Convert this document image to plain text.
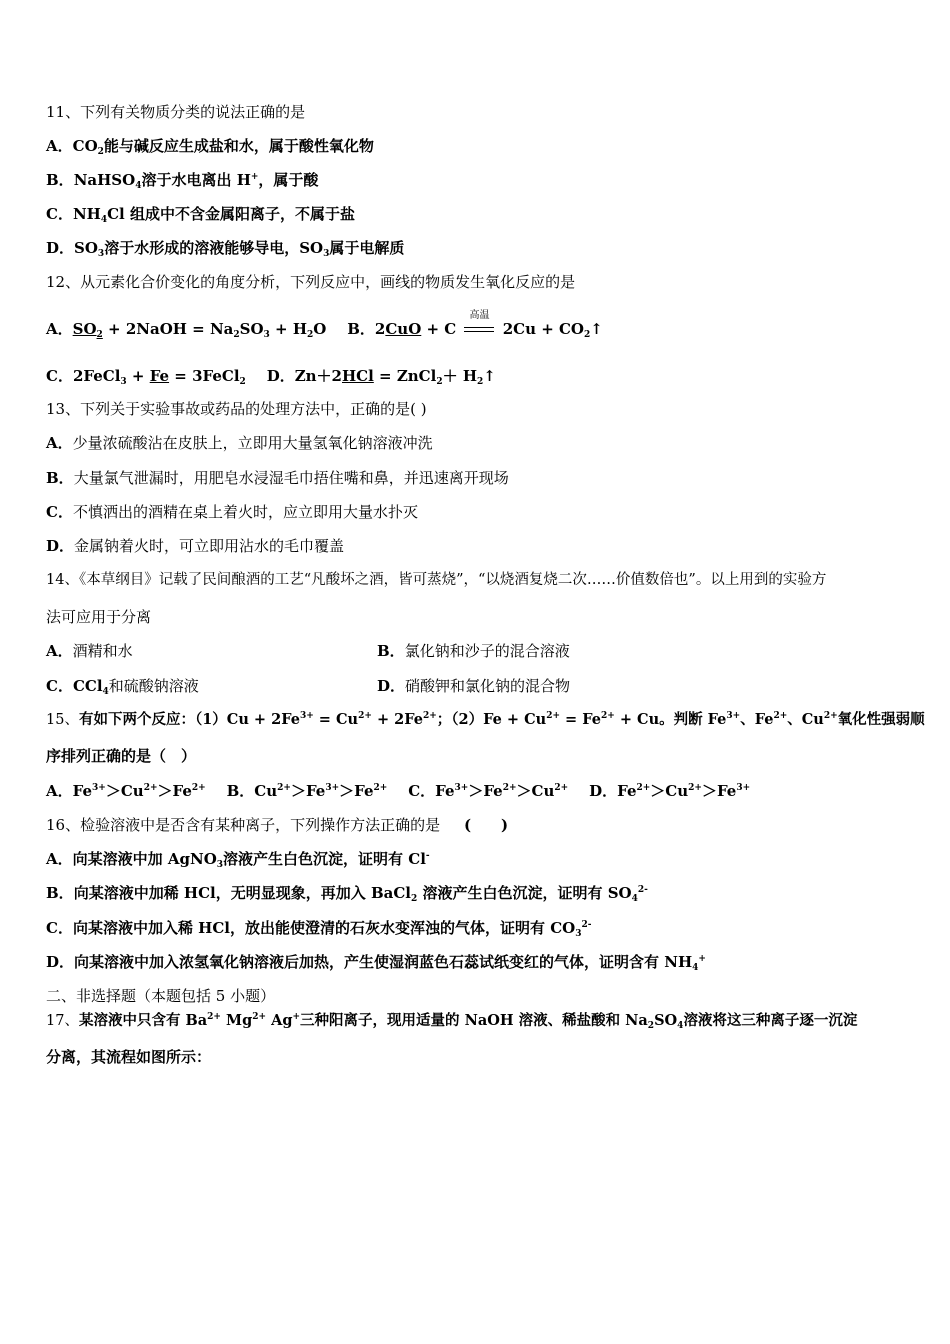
11、下列有关物质分类的说法正确的是
A．$CO_2$能与碱反应生成盐和水，属于酸性氧化物
B．NaHSO$_4$溶于水电离出 H+，属于酸
C．$NH_4Cl$ 组成中不含金属阳离子，不属于盐
D．$SO_3$溶于水形成的溶液能够导电，$SO_3$属于电解质
12、从元素化合价变化的角度分析，下列反应中，画线的物质发生氧化反应的是
A．$SO_2$ + 2NaOH = $Na_2SO_3 + H_2O$ B．2CuO + C
高温
$2Cu + CO_2↑$
C．2FeCl$_3$ + Fe = 3FeCl$_2$ D．Zn＋2HCl = ZnCl$_2$＋ $H_2↑$
13、下列关于实验事故或药品的处理方法中，正确的是( )
A．少量浓硫酸沾在皮肤上，立即用大量氢氧化钠溶液冲洗
B．大量氯气泄漏时，用肥皂水浸湿毛巾捂住嘴和鼻，并迅速离开现场
C．不慎洒出的酒精在桌上着火时，应立即用大量水扑灭
D．金属钠着火时，可立即用沾水的毛巾覆盖
14、《本草纲目》记载了民间酿酒的工艺“凡酸坏之酒，皆可蒸烧”，“以烧酒复烧二次……价值数倍也”。以上用到的实验方
法可应用于分离
A．酒精和水	B．氯化钠和沙子的混合溶液
C．CCl$_4$和硫酸钠溶液	D．硝酸钾和氯化钠的混合物
15、有如下两个反应：$(1)Cu + 2Fe^{3+} = Cu^{2+} + 2Fe^{2+}$；$(2)Fe + Cu^{2+} = Fe^{2+} + Cu$。判断 $Fe^{3+}$、$Fe^{2+}$、$Cu^{2+}$氧化性强弱顺
序排列正确的是（　）
A．$Fe^{3+}>Cu^{2+}>Fe^{2+}$ B．$Cu^{2+}>Fe^{3+}>Fe^{2+}$ C．$Fe^{3+}>Fe^{2+}>Cu^{2+}$ D．$Fe^{2+}>Cu^{2+}>Fe^{3+}$
16、检验溶液中是否含有某种离子，下列操作方法正确的是 (　　)
A．向某溶液中加 AgNO$_3$溶液产生白色沉淀，证明有 Cl-
B．向某溶液中加稀 HCl，无明显现象，再加入 BaCl$_2$ 溶液产生白色沉淀，证明有 $SO_4^{2-}$
C．向某溶液中加入稀 HCl，放出能使澄清的石灰水变浑浊的气体，证明有 $CO_3^{2-}$
D．向某溶液中加入浓氢氧化钠溶液后加热，产生使湿润蓝色石蕊试纸变红的气体，证明含有 $NH_4^+$
二、非选择题（本题包括 5 小题）
17、某溶液中只含有 $Ba^{2+}$ $Mg^{2+}$ Ag+三种阳离子，现用适量的 NaOH 溶液、稀盐酸和 $Na_2SO_4$溶液将这三种离子逐一沉淀
分离，其流程如图所示：
